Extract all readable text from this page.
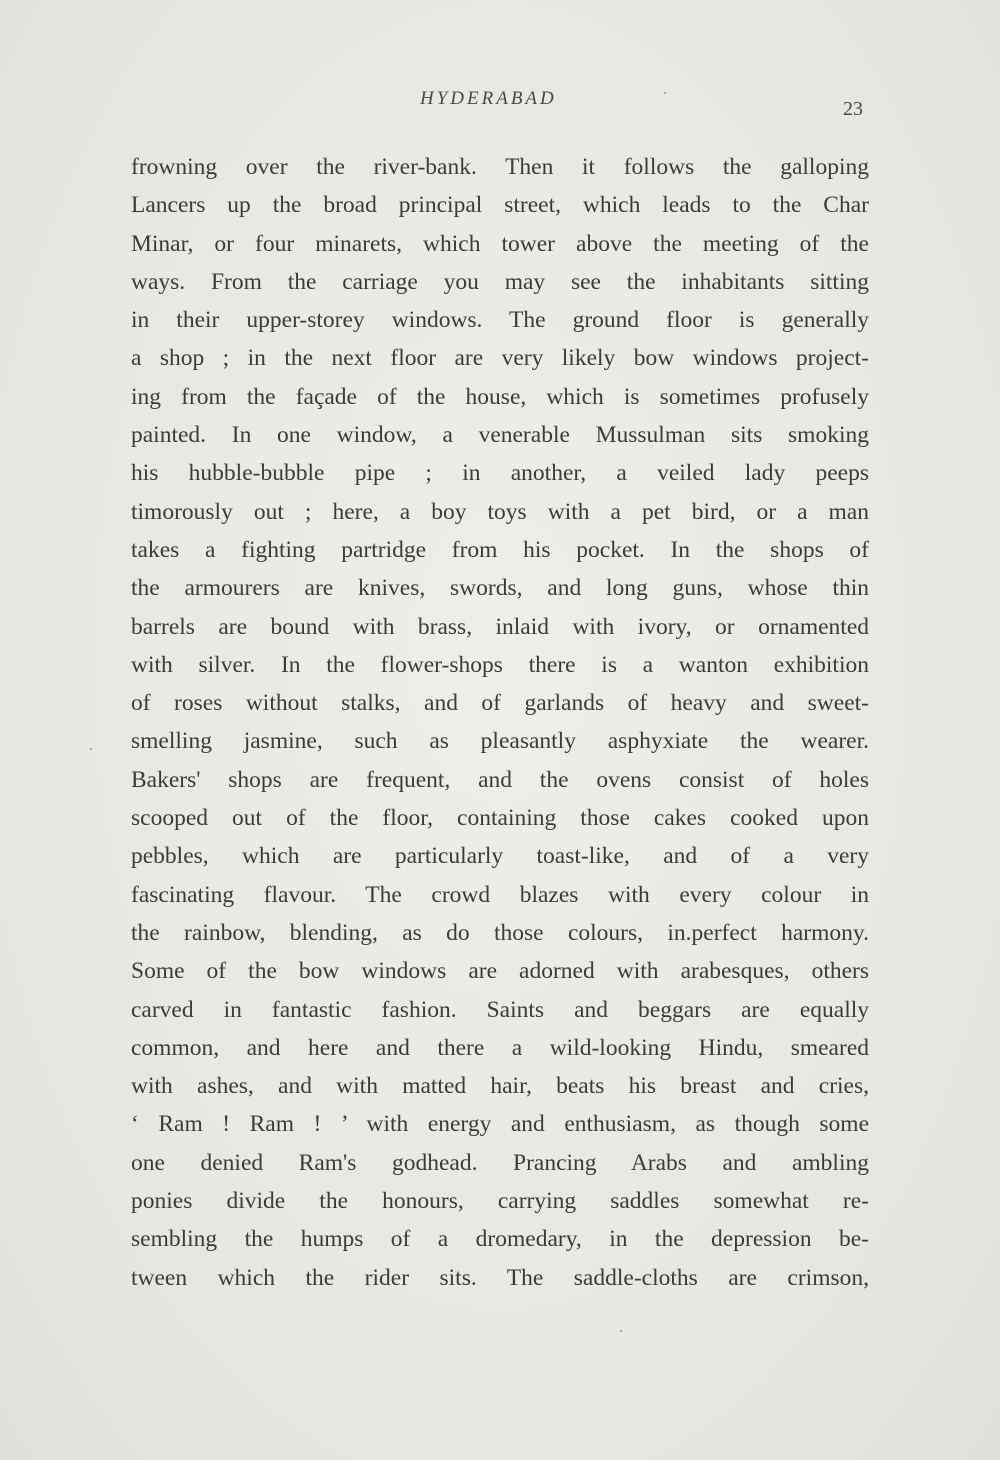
HYDERABAD	23
frowning over the river-bank. Then it follows the galloping
Lancers up the broad principal street, which leads to the Char
Minar, or four minarets, which tower above the meeting of the
ways. From the carriage you may see the inhabitants sitting
in their upper-storey windows. The ground floor is generally
a shop ; in the next floor are very likely bow windows project-
ing from the façade of the house, which is sometimes profusely
painted. In one window, a venerable Mussulman sits smoking
his hubble-bubble pipe ; in another, a veiled lady peeps
timorously out ; here, a boy toys with a pet bird, or a man
takes a fighting partridge from his pocket. In the shops of
the armourers are knives, swords, and long guns, whose thin
barrels are bound with brass, inlaid with ivory, or ornamented
with silver. In the flower-shops there is a wanton exhibition
of roses without stalks, and of garlands of heavy and sweet-
smelling jasmine, such as pleasantly asphyxiate the wearer.
Bakers' shops are frequent, and the ovens consist of holes
scooped out of the floor, containing those cakes cooked upon
pebbles, which are particularly toast-like, and of a very
fascinating flavour. The crowd blazes with every colour in
the rainbow, blending, as do those colours, in.perfect harmony.
Some of the bow windows are adorned with arabesques, others
carved in fantastic fashion. Saints and beggars are equally
common, and here and there a wild-looking Hindu, smeared
with ashes, and with matted hair, beats his breast and cries,
‘ Ram ! Ram ! ’ with energy and enthusiasm, as though some
one denied Ram's godhead. Prancing Arabs and ambling
ponies divide the honours, carrying saddles somewhat re-
sembling the humps of a dromedary, in the depression be-
tween which the rider sits. The saddle-cloths are crimson,
